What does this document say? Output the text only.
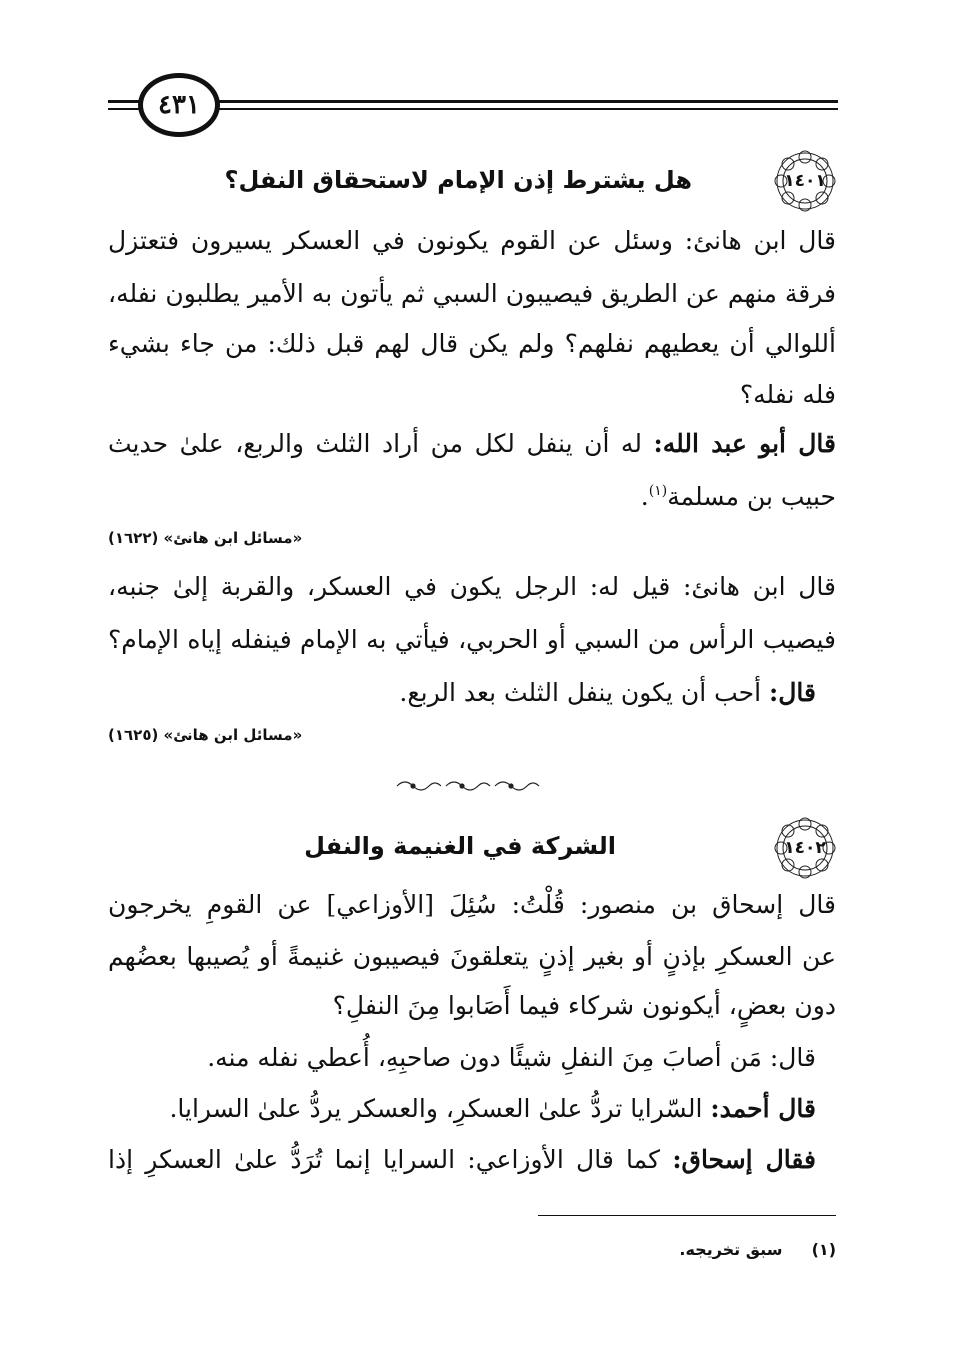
٤٣١
١٤٠١
هل يشترط إذن الإمام لاستحقاق النفل؟
قال ابن هانئ: وسئل عن القوم يكونون في العسكر يسيرون فتعتزل
فرقة منهم عن الطريق فيصيبون السبي ثم يأتون به الأمير يطلبون نفله،
أللوالي أن يعطيهم نفلهم؟ ولم يكن قال لهم قبل ذلك: من جاء بشيء
فله نفله؟
قال أبو عبد الله: له أن ينفل لكل من أراد الثلث والربع، علىٰ حديث
حبيب بن مسلمة$^{(١)}$.
«مسائل ابن هانئ» (١٦٢٢)
قال ابن هانئ: قيل له: الرجل يكون في العسكر، والقربة إلىٰ جنبه،
فيصيب الرأس من السبي أو الحربي، فيأتي به الإمام فينفله إياه الإمام؟
قال: أحب أن يكون ينفل الثلث بعد الربع.
«مسائل ابن هانئ» (١٦٢٥)
١٤٠٢
الشركة في الغنيمة والنفل
قال إسحاق بن منصور: قُلْتُ: سُئِلَ [الأوزاعي] عن القومِ يخرجون
عن العسكرِ بإذنٍ أو بغير إذنٍ يتعلقونَ فيصيبون غنيمةً أو يُصيبها بعضُهم
دون بعضٍ، أيكونون شركاء فيما أَصَابوا مِنَ النفلِ؟
قال: مَن أصابَ مِنَ النفلِ شيئًا دون صاحبِهِ، أُعطي نفله منه.
قال أحمد: السّرايا تردُّ علىٰ العسكرِ، والعسكر يردُّ علىٰ السرايا.
فقال إسحاق: كما قال الأوزاعي: السرايا إنما تُرَدُّ علىٰ العسكرِ إذا
(١)  سبق تخريجه.
